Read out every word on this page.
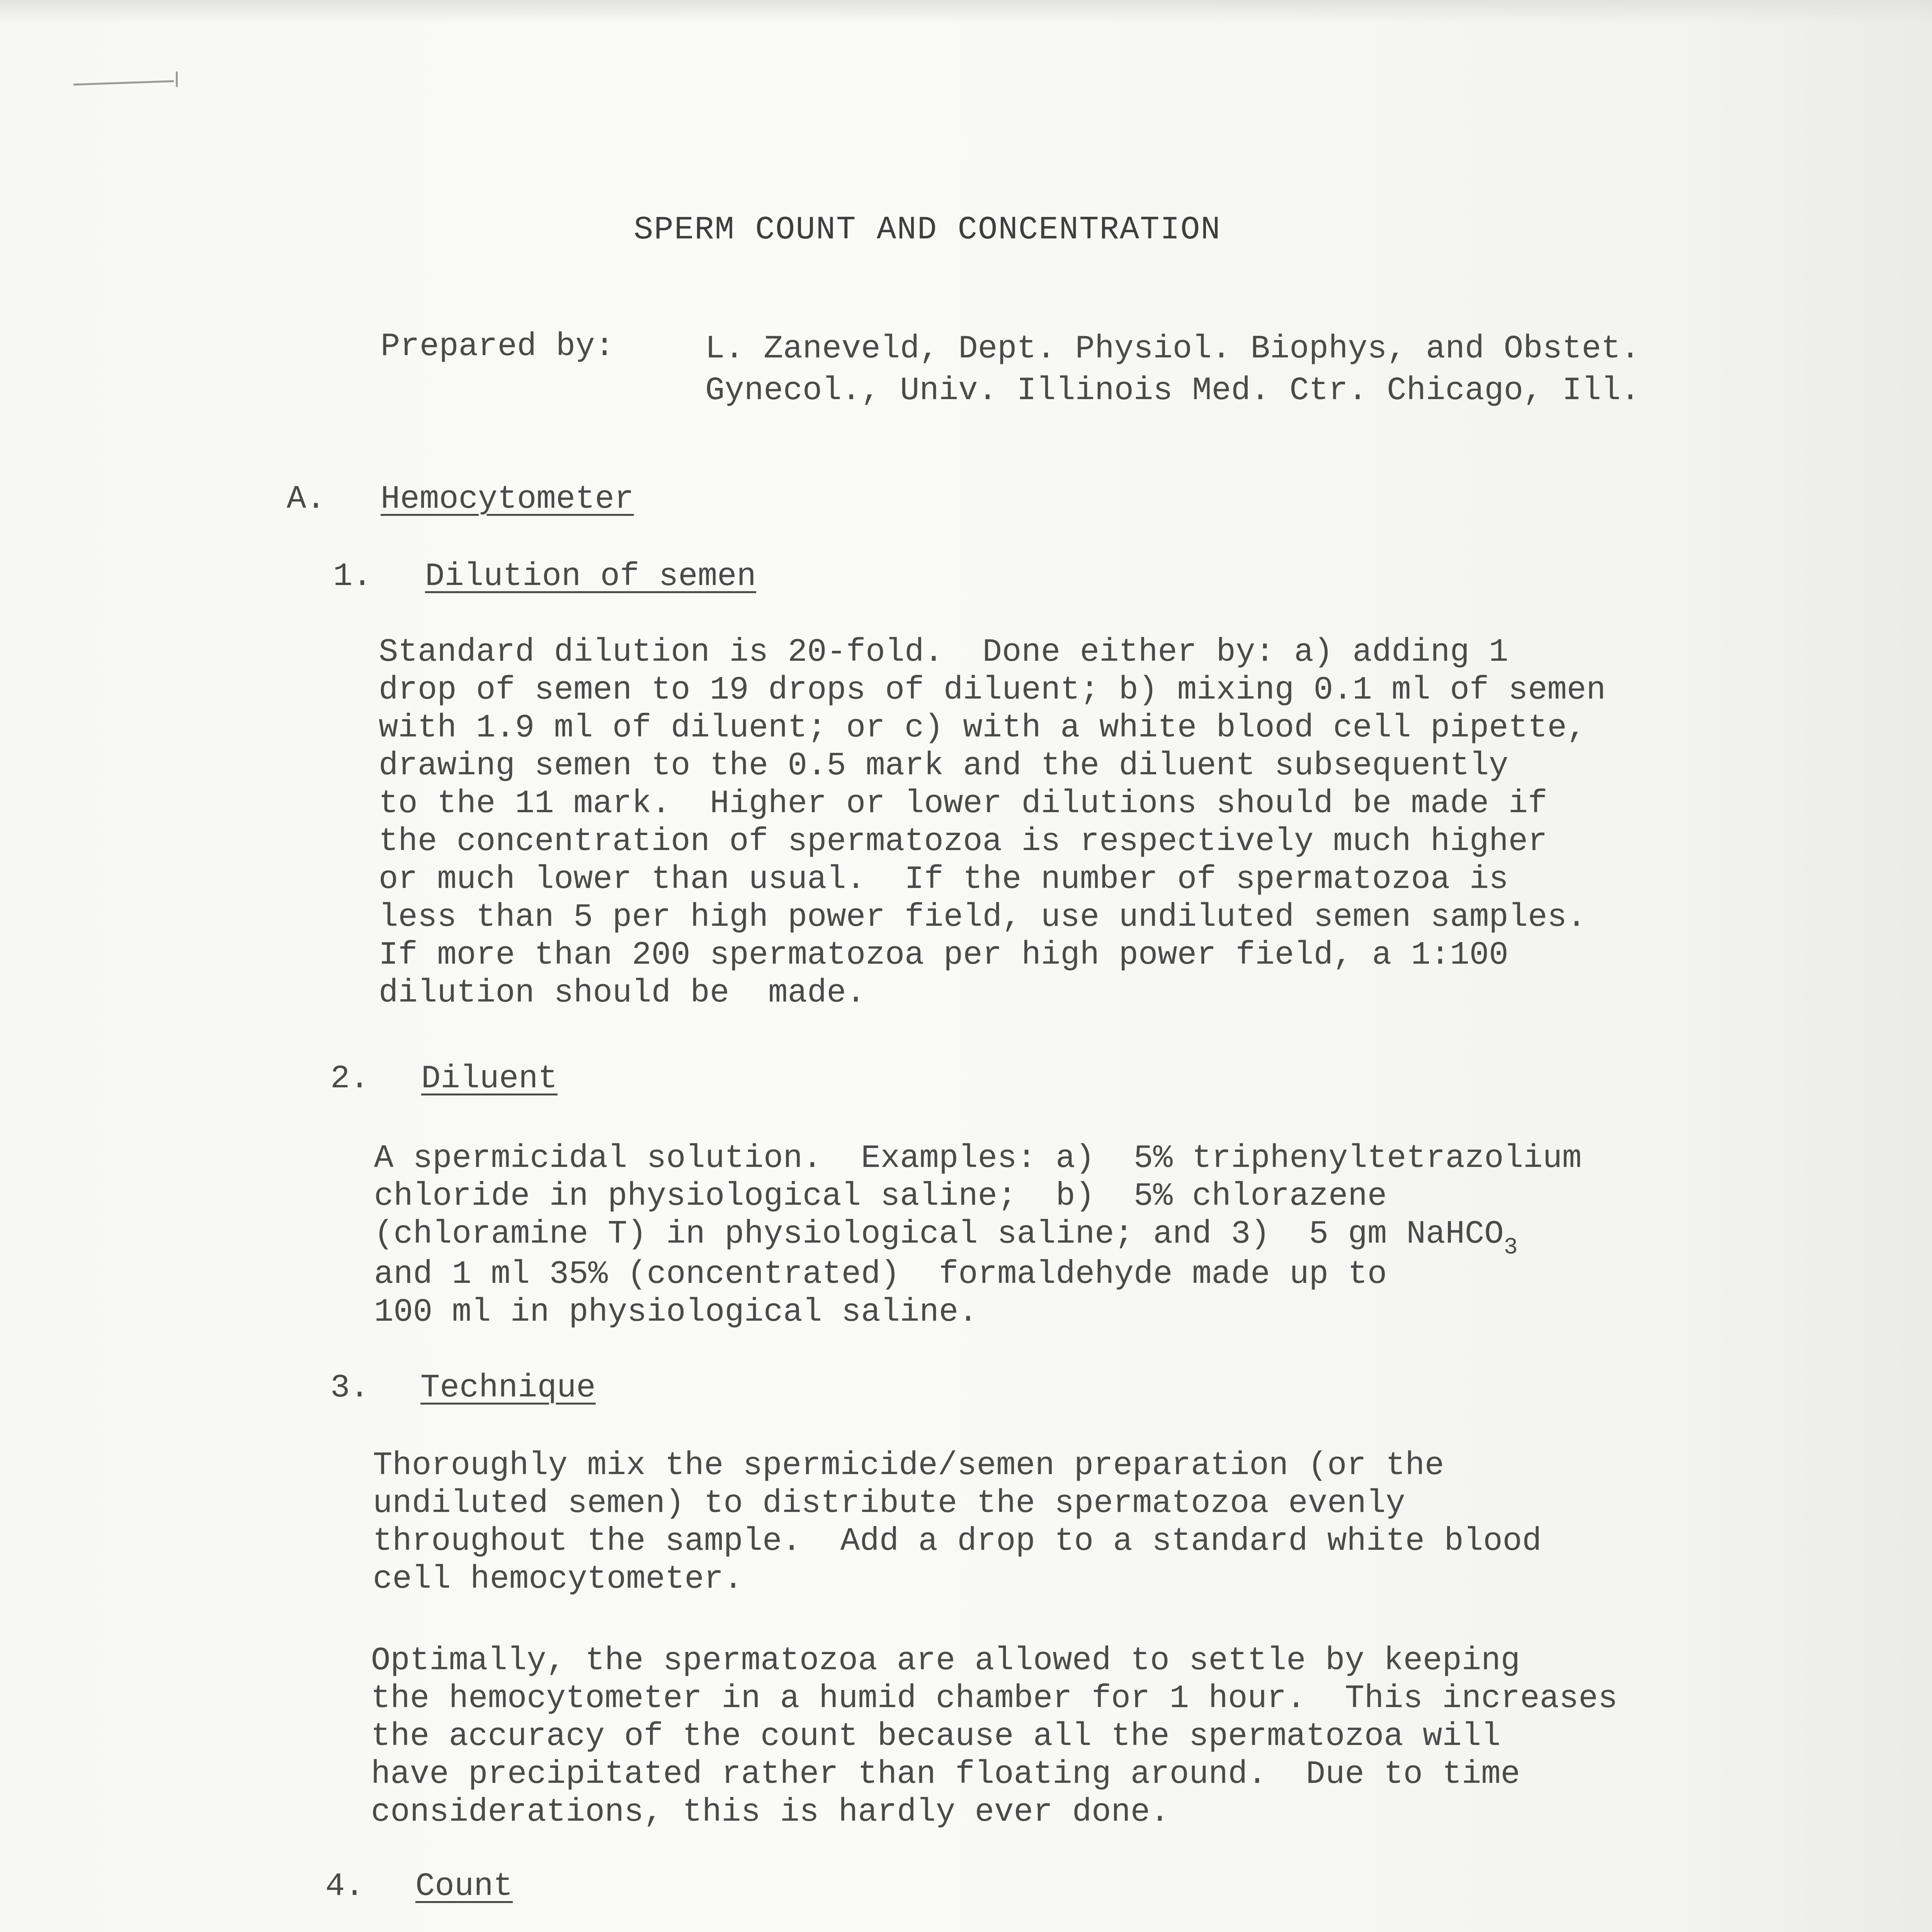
SPERM COUNT AND CONCENTRATION
Prepared by:	L. Zaneveld, Dept. Physiol. Biophys, and Obstet.
Gynecol., Univ. Illinois Med. Ctr. Chicago, Ill.
A. Hemocytometer
1. Dilution of semen
Standard dilution is 20-fold.  Done either by: a) adding 1
drop of semen to 19 drops of diluent; b) mixing 0.1 ml of semen
with 1.9 ml of diluent; or c) with a white blood cell pipette,
drawing semen to the 0.5 mark and the diluent subsequently
to the 11 mark.  Higher or lower dilutions should be made if
the concentration of spermatozoa is respectively much higher
or much lower than usual.  If the number of spermatozoa is
less than 5 per high power field, use undiluted semen samples.
If more than 200 spermatozoa per high power field, a 1:100
dilution should be  made.
2. Diluent
A spermicidal solution.  Examples: a)  5% triphenyltetrazolium
chloride in physiological saline;  b)  5% chlorazene
(chloramine T) in physiological saline; and 3)  5 gm NaHCO$_3$
and 1 ml 35% (concentrated)  formaldehyde made up to
100 ml in physiological saline.
3. Technique
Thoroughly mix the spermicide/semen preparation (or the
undiluted semen) to distribute the spermatozoa evenly
throughout the sample.  Add a drop to a standard white blood
cell hemocytometer.
Optimally, the spermatozoa are allowed to settle by keeping
the hemocytometer in a humid chamber for 1 hour.  This increases
the accuracy of the count because all the spermatozoa will
have precipitated rather than floating around.  Due to time
considerations, this is hardly ever done.
4. Count
